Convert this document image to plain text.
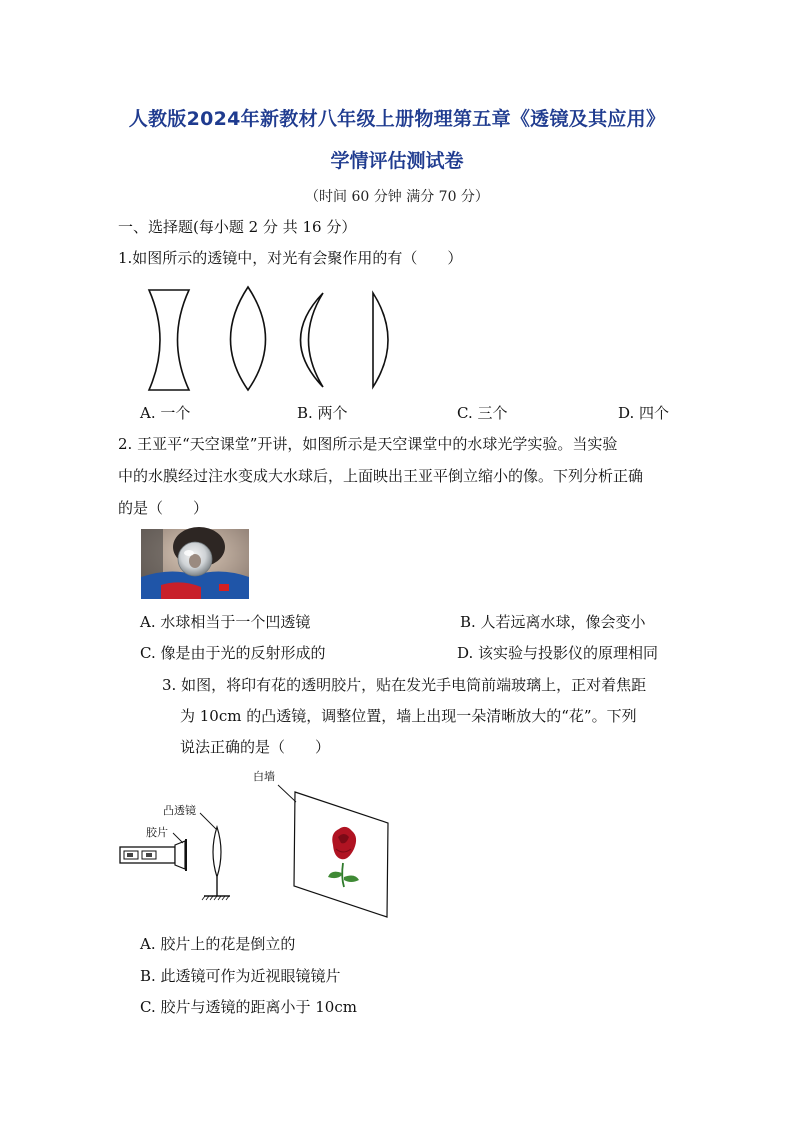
人教版2024年新教材八年级上册物理第五章《透镜及其应用》
学情评估测试卷
（时间 60 分钟 满分 70 分）
一、选择题(每小题 2 分 共 16 分）
1.如图所示的透镜中，对光有会聚作用的有（　　）
A. 一个	B. 两个	C. 三个	D. 四个
2. 王亚平“天空课堂”开讲，如图所示是天空课堂中的水球光学实验。当实验
中的水膜经过注水变成大水球后，上面映出王亚平倒立缩小的像。下列分析正确
的是（　　）
A. 水球相当于一个凹透镜	B. 人若远离水球，像会变小
C. 像是由于光的反射形成的	D. 该实验与投影仪的原理相同
3. 如图，将印有花的透明胶片，贴在发光手电筒前端玻璃上，正对着焦距
为 10cm 的凸透镜，调整位置，墙上出现一朵清晰放大的“花”。下列
说法正确的是（　　）
白墙
凸透镜
胶片
A. 胶片上的花是倒立的
B. 此透镜可作为近视眼镜镜片
C. 胶片与透镜的距离小于 10cm
